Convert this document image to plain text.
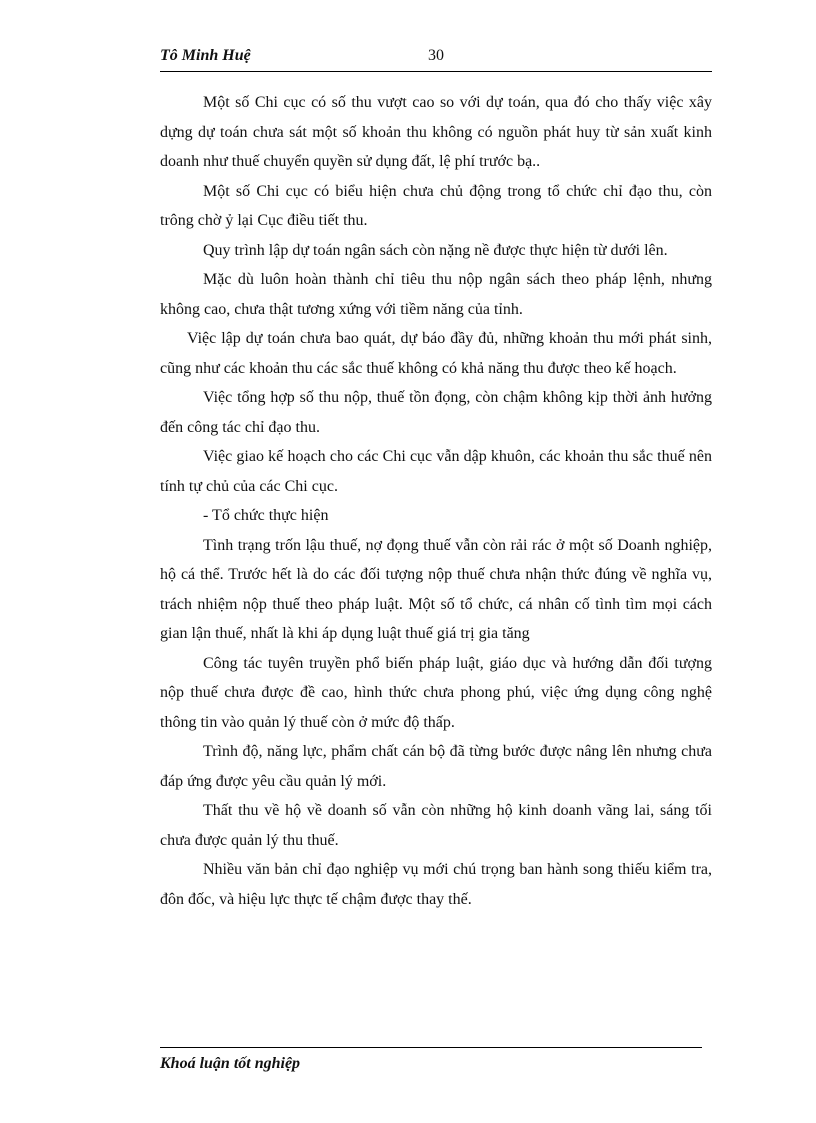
Tô Minh Huệ	30

Một số Chi cục có số thu vượt cao so với dự toán, qua đó cho thấy việc xây dựng dự toán chưa sát một số khoản thu không có nguồn phát huy từ sản xuất kinh doanh như thuế chuyển quyền sử dụng đất, lệ phí trước bạ..

Một số Chi cục có biểu hiện chưa chủ động trong tổ chức chỉ đạo thu, còn trông chờ ỷ lại Cục điều tiết thu.

Quy trình lập dự toán ngân sách còn nặng nề được thực hiện từ dưới lên.

Mặc dù luôn hoàn thành chỉ tiêu thu nộp ngân sách theo pháp lệnh, nhưng không cao, chưa thật tương xứng với tiềm năng của tỉnh.

Việc lập dự toán chưa bao quát, dự báo đầy đủ, những khoản thu mới phát sinh, cũng như các khoản thu các sắc thuế không có khả năng thu được theo kế hoạch.

Việc tổng hợp số thu nộp, thuế tồn đọng, còn chậm không kịp thời ảnh hưởng đến công tác chỉ đạo thu.

Việc giao kế hoạch cho các Chi cục vẫn dập khuôn, các khoản thu sắc thuế nên tính tự chủ của các Chi cục.

- Tổ chức thực hiện

Tình trạng trốn lậu thuế, nợ đọng thuế vẫn còn rải rác ở một số Doanh nghiệp, hộ cá thể. Trước hết là do các đối tượng nộp thuế chưa nhận thức đúng về nghĩa vụ, trách nhiệm nộp thuế theo pháp luật. Một số tổ chức, cá nhân cố tình tìm mọi cách gian lận thuế, nhất là khi áp dụng luật thuế giá trị gia tăng

Công tác tuyên truyền phổ biến pháp luật, giáo dục và hướng dẫn đối tượng nộp thuế chưa được đề cao, hình thức chưa phong phú, việc ứng dụng công nghệ thông tin vào quản lý thuế còn ở mức độ thấp.

Trình độ, năng lực, phẩm chất cán bộ đã từng bước được nâng lên nhưng chưa đáp ứng được yêu cầu quản lý mới.

Thất thu về hộ về doanh số vẫn còn những hộ kinh doanh vãng lai, sáng tối chưa được quản lý thu thuế.

Nhiều văn bản chỉ đạo nghiệp vụ mới chú trọng ban hành song thiếu kiểm tra, đôn đốc, và hiệu lực thực tế chậm được thay thế.

Khoá luận tốt nghiệp
